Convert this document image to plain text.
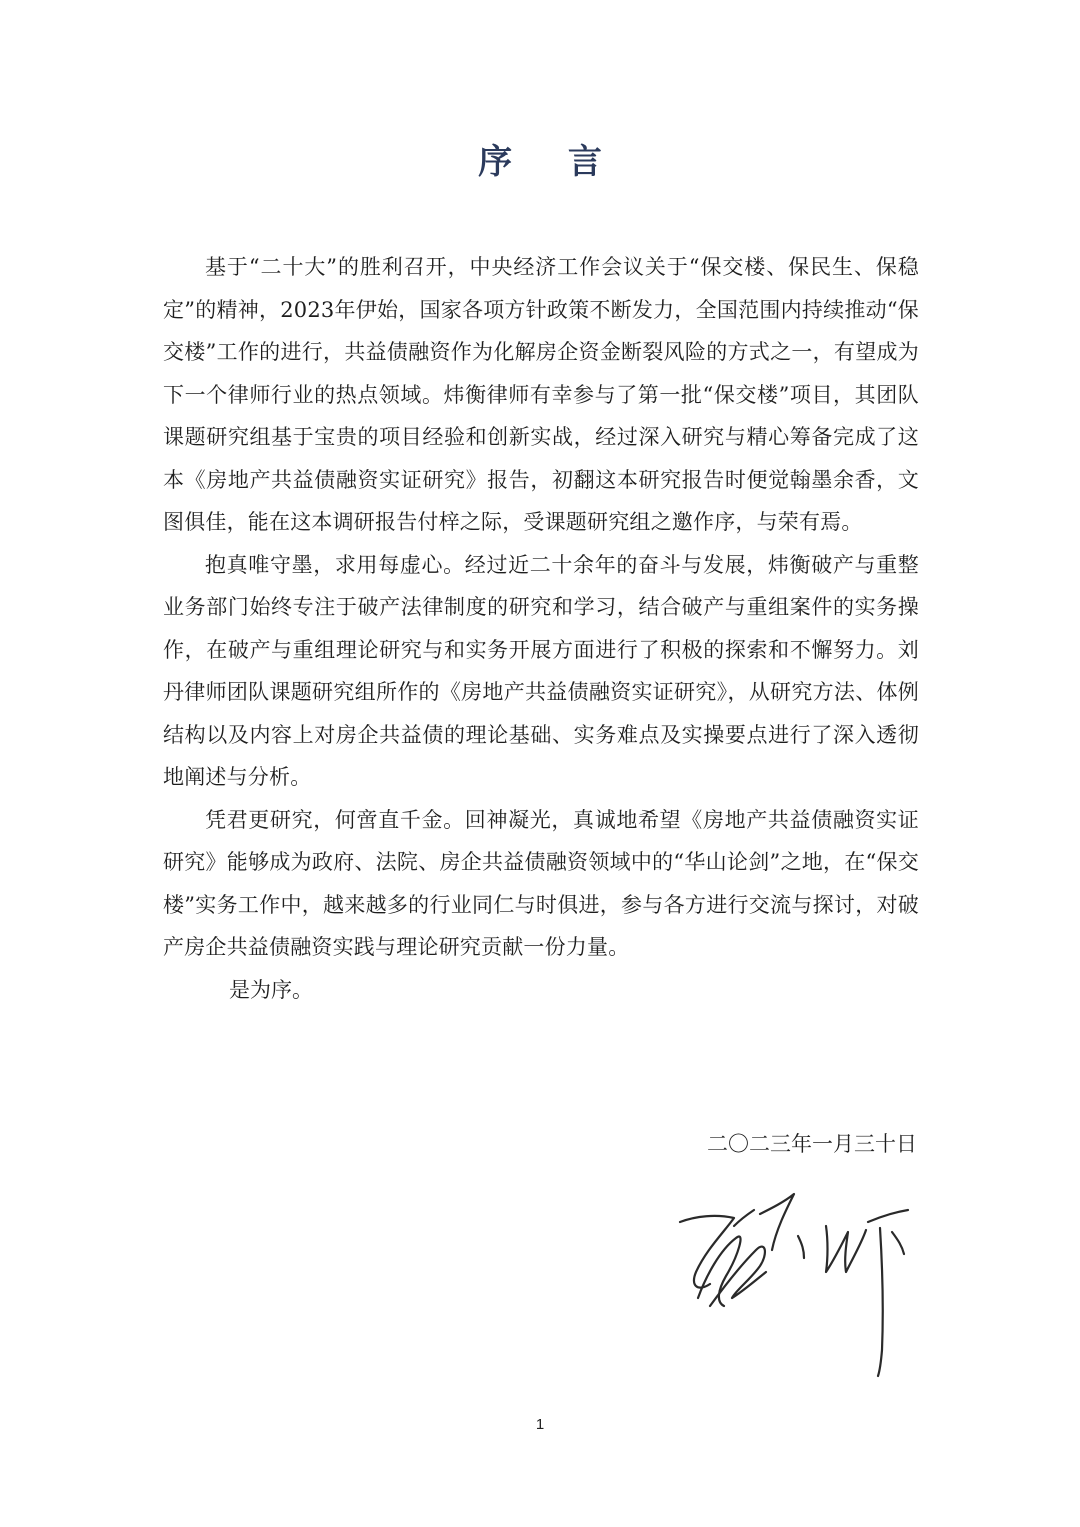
序 言

基于“二十大”的胜利召开，中央经济工作会议关于“保交楼、保民生、保稳定”的精神，2023年伊始，国家各项方针政策不断发力，全国范围内持续推动“保交楼”工作的进行，共益债融资作为化解房企资金断裂风险的方式之一，有望成为下一个律师行业的热点领域。炜衡律师有幸参与了第一批“保交楼”项目，其团队课题研究组基于宝贵的项目经验和创新实战，经过深入研究与精心筹备完成了这本《房地产共益债融资实证研究》报告，初翻这本研究报告时便觉翰墨余香，文图俱佳，能在这本调研报告付梓之际，受课题研究组之邀作序，与荣有焉。

抱真唯守墨，求用每虚心。经过近二十余年的奋斗与发展，炜衡破产与重整业务部门始终专注于破产法律制度的研究和学习，结合破产与重组案件的实务操作，在破产与重组理论研究与和实务开展方面进行了积极的探索和不懈努力。刘丹律师团队课题研究组所作的《房地产共益债融资实证研究》，从研究方法、体例结构以及内容上对房企共益债的理论基础、实务难点及实操要点进行了深入透彻地阐述与分析。

凭君更研究，何啻直千金。回神凝光，真诚地希望《房地产共益债融资实证研究》能够成为政府、法院、房企共益债融资领域中的“华山论剑”之地，在“保交楼”实务工作中，越来越多的行业同仁与时俱进，参与各方进行交流与探讨，对破产房企共益债融资实践与理论研究贡献一份力量。

是为序。

二〇二三年一月三十日

1
